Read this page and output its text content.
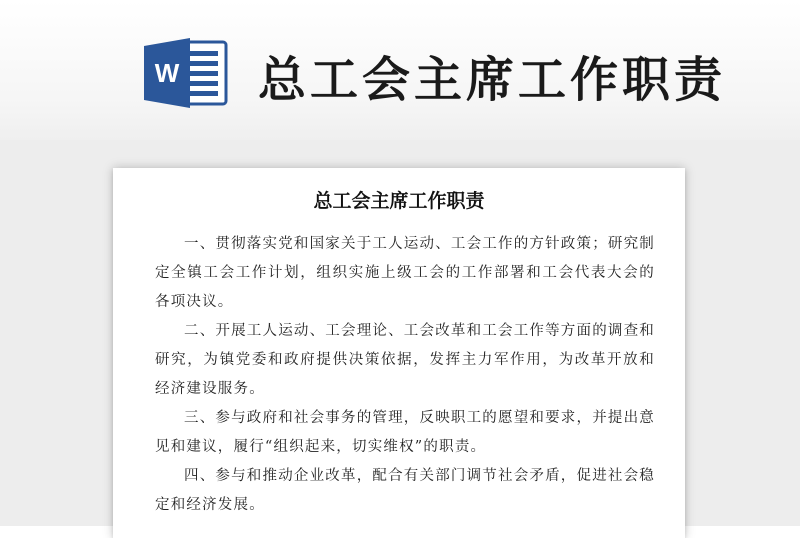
W 总工会主席工作职责
总工会主席工作职责

一、贯彻落实党和国家关于工人运动、工会工作的方针政策；研究制定全镇工会工作计划，组织实施上级工会的工作部署和工会代表大会的各项决议。

二、开展工人运动、工会理论、工会改革和工会工作等方面的调查和研究，为镇党委和政府提供决策依据，发挥主力军作用，为改革开放和经济建设服务。

三、参与政府和社会事务的管理，反映职工的愿望和要求，并提出意见和建议，履行“组织起来，切实维权”的职责。

四、参与和推动企业改革，配合有关部门调节社会矛盾，促进社会稳定和经济发展。
